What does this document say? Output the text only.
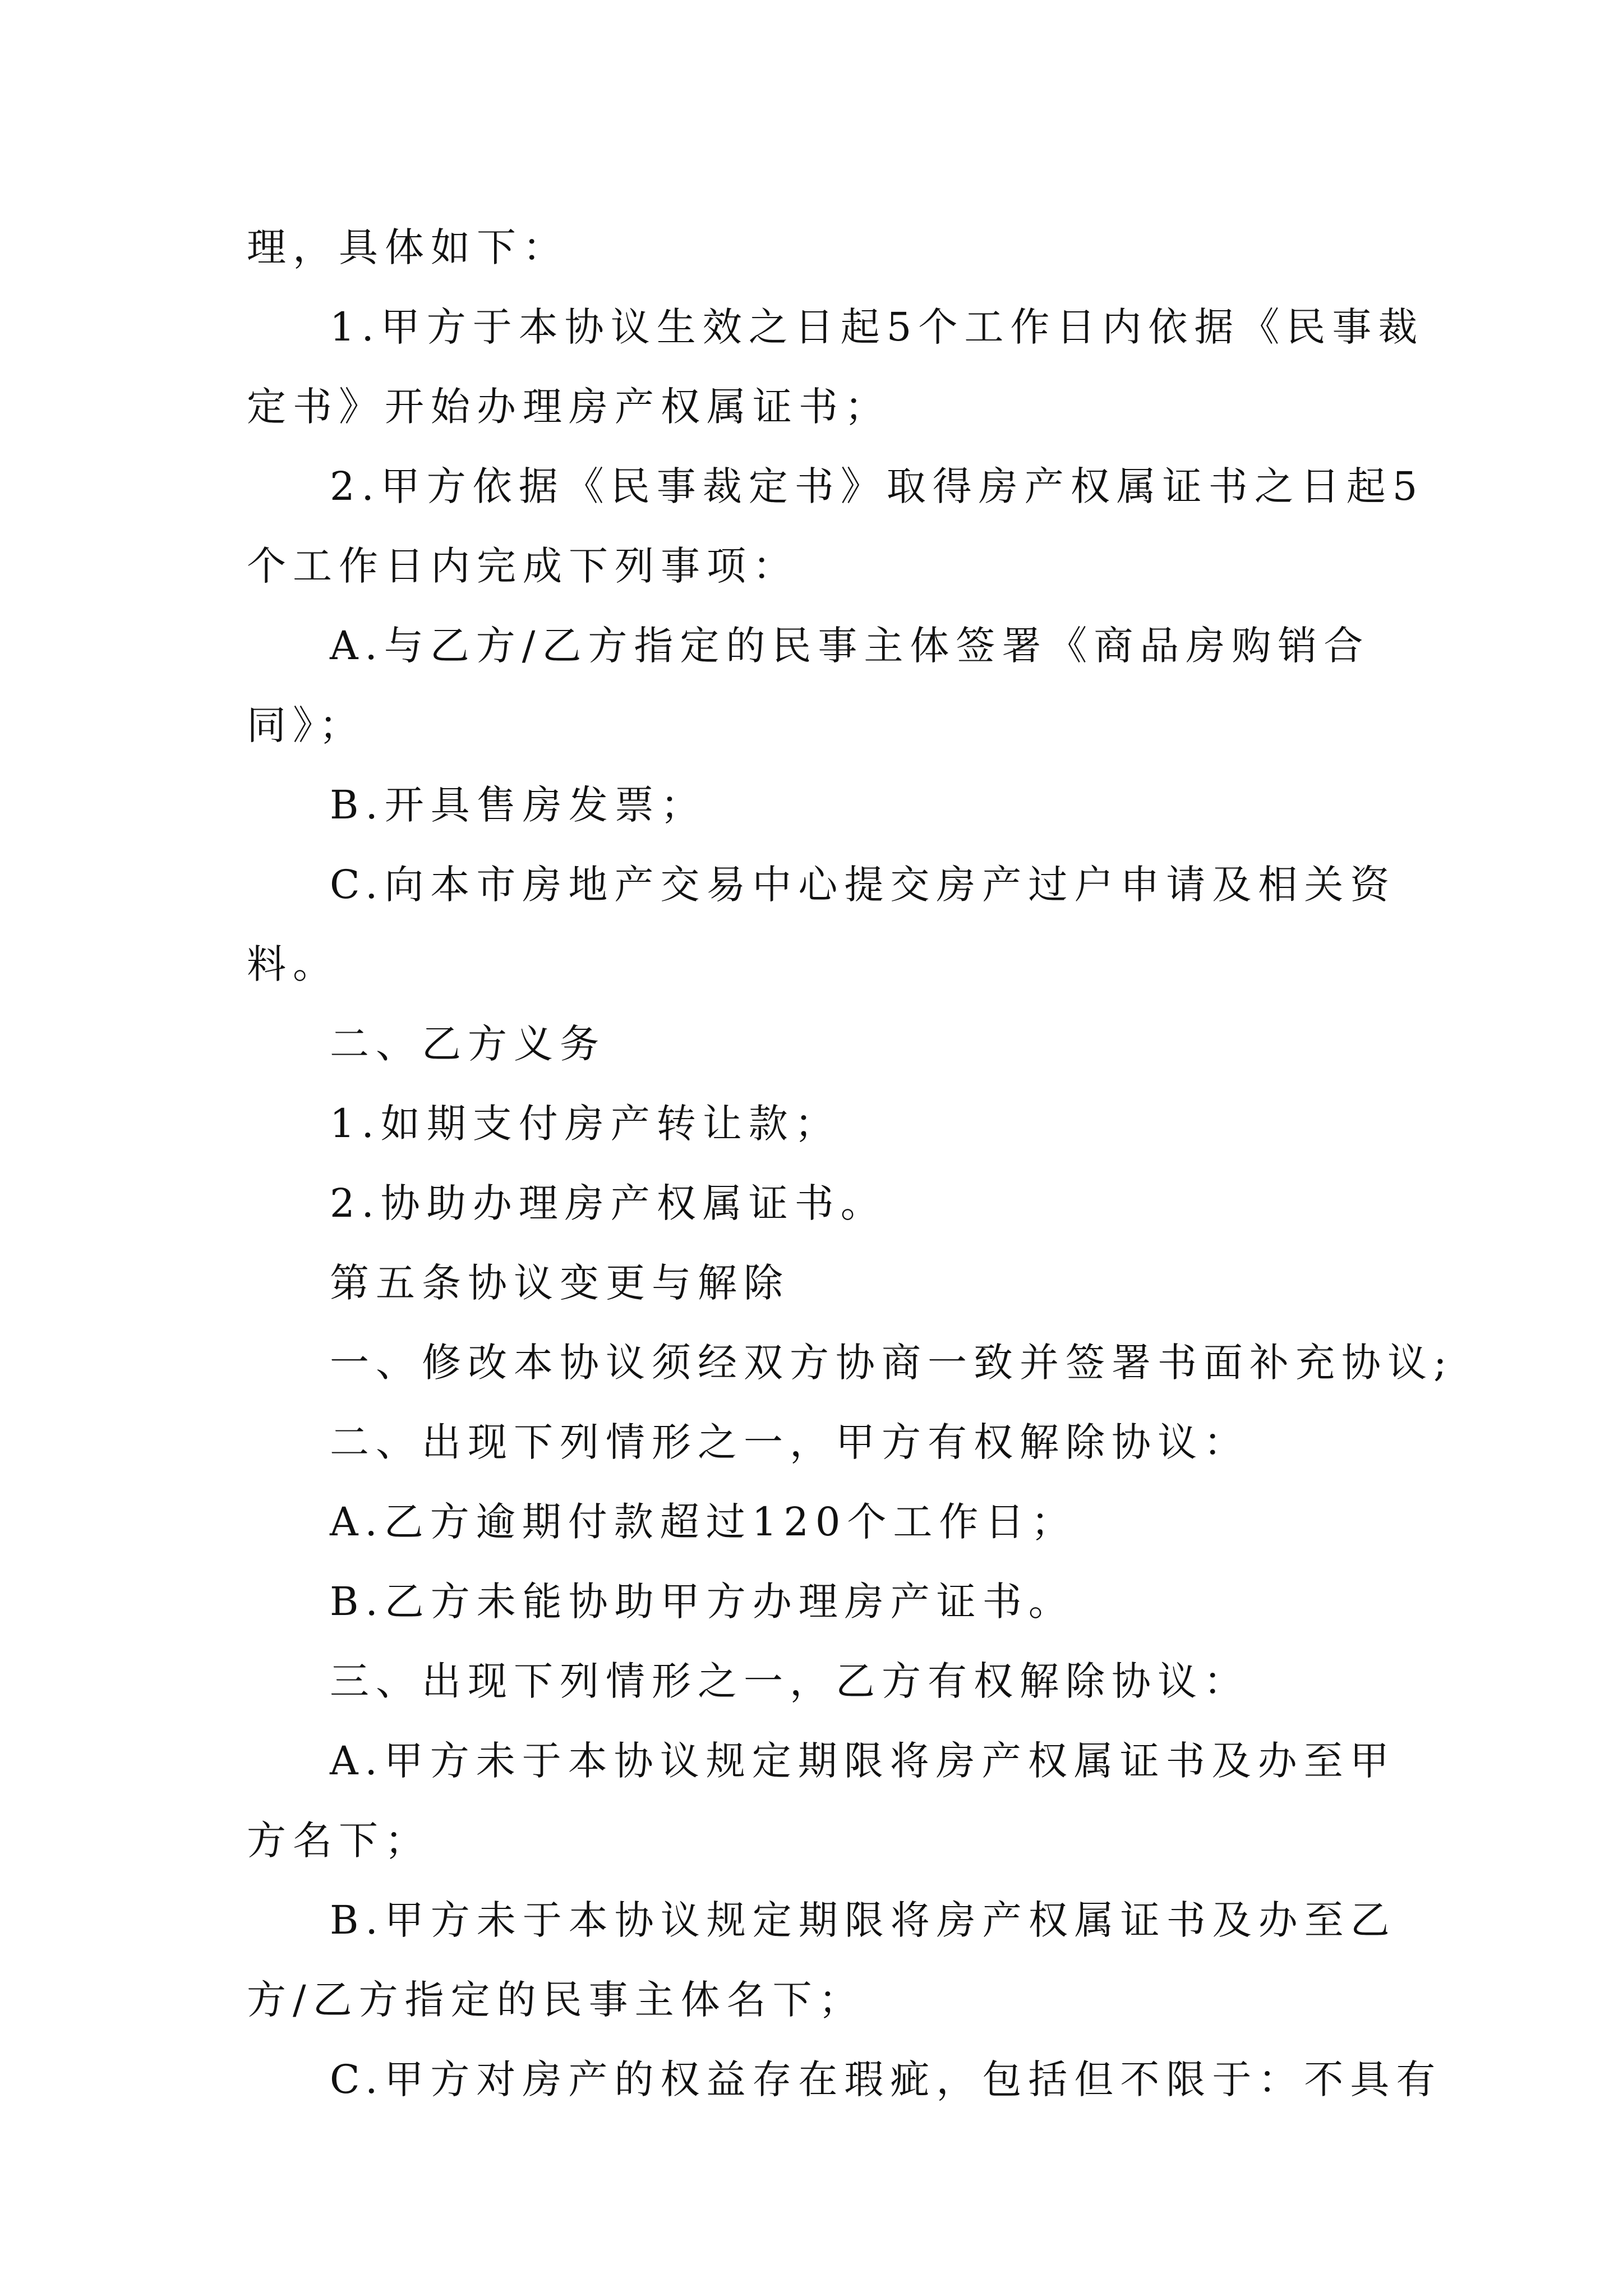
理，具体如下：
1.甲方于本协议生效之日起5个工作日内依据《民事裁
定书》开始办理房产权属证书；
2.甲方依据《民事裁定书》取得房产权属证书之日起5
个工作日内完成下列事项：
A.与乙方/乙方指定的民事主体签署《商品房购销合
同》；
B.开具售房发票；
C.向本市房地产交易中心提交房产过户申请及相关资
料。
二、乙方义务
1.如期支付房产转让款；
2.协助办理房产权属证书。
第五条协议变更与解除
一、修改本协议须经双方协商一致并签署书面补充协议;
二、出现下列情形之一，甲方有权解除协议：
A.乙方逾期付款超过120个工作日；
B.乙方未能协助甲方办理房产证书。
三、出现下列情形之一，乙方有权解除协议：
A.甲方未于本协议规定期限将房产权属证书及办至甲
方名下；
B.甲方未于本协议规定期限将房产权属证书及办至乙
方/乙方指定的民事主体名下；
C.甲方对房产的权益存在瑕疵，包括但不限于：不具有
